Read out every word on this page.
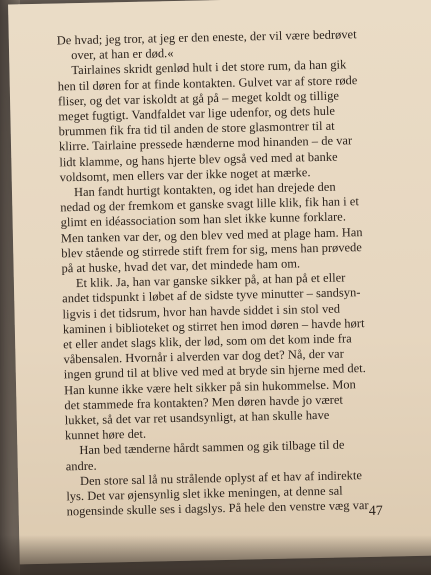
De hvad; jeg tror, at jeg er den eneste, der vil være bedrøvet
over, at han er død.«
Tairlaines skridt genlød hult i det store rum, da han gik
hen til døren for at finde kontakten. Gulvet var af store røde
fliser, og det var iskoldt at gå på – meget koldt og tillige
meget fugtigt. Vandfaldet var lige udenfor, og dets hule
brummen fik fra tid til anden de store glasmontrer til at
klirre. Tairlaine pressede hænderne mod hinanden – de var
lidt klamme, og hans hjerte blev også ved med at banke
voldsomt, men ellers var der ikke noget at mærke.
Han fandt hurtigt kontakten, og idet han drejede den
nedad og der fremkom et ganske svagt lille klik, fik han i et
glimt en idéassociation som han slet ikke kunne forklare.
Men tanken var der, og den blev ved med at plage ham. Han
blev stående og stirrede stift frem for sig, mens han prøvede
på at huske, hvad det var, det mindede ham om.
Et klik. Ja, han var ganske sikker på, at han på et eller
andet tidspunkt i løbet af de sidste tyve minutter – sandsyn-
ligvis i det tidsrum, hvor han havde siddet i sin stol ved
kaminen i biblioteket og stirret hen imod døren – havde hørt
et eller andet slags klik, der lød, som om det kom inde fra
våbensalen. Hvornår i alverden var dog det? Nå, der var
ingen grund til at blive ved med at bryde sin hjerne med det.
Han kunne ikke være helt sikker på sin hukommelse. Mon
det stammede fra kontakten? Men døren havde jo været
lukket, så det var ret usandsynligt, at han skulle have
kunnet høre det.
Han bed tænderne hårdt sammen og gik tilbage til de
andre.
Den store sal lå nu strålende oplyst af et hav af indirekte
lys. Det var øjensynlig slet ikke meningen, at denne sal
nogensinde skulle ses i dagslys. På hele den venstre væg var 47
